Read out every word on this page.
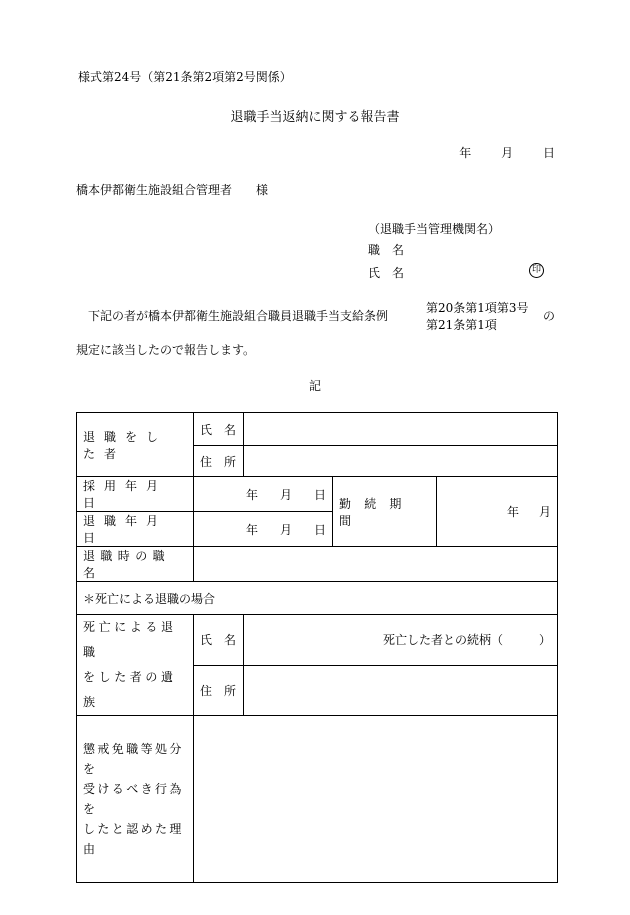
様式第24号（第21条第2項第2号関係）
退職手当返納に関する報告書
年 月 日
橋本伊都衛生施設組合管理者　　様
（退職手当管理機関名）
職　名
氏　名	印
下記の者が橋本伊都衛生施設組合職員退職手当支給条例
第20条第1項第3号
第21条第1項
の
規定に該当したので報告します。
記
退職をした者	氏　名			
	住　所			
採用年月日	年 月 日		勤続期間	年 月
退職年月日	年 月 日			
退職時の職名				
＊死亡による退職の場合				

死亡による退職
をした者の遺族	氏　名	死亡した者との続柄（　　　）		
	住　所			

懲戒免職等処分を
受けるべき行為を
したと認めた理由				
